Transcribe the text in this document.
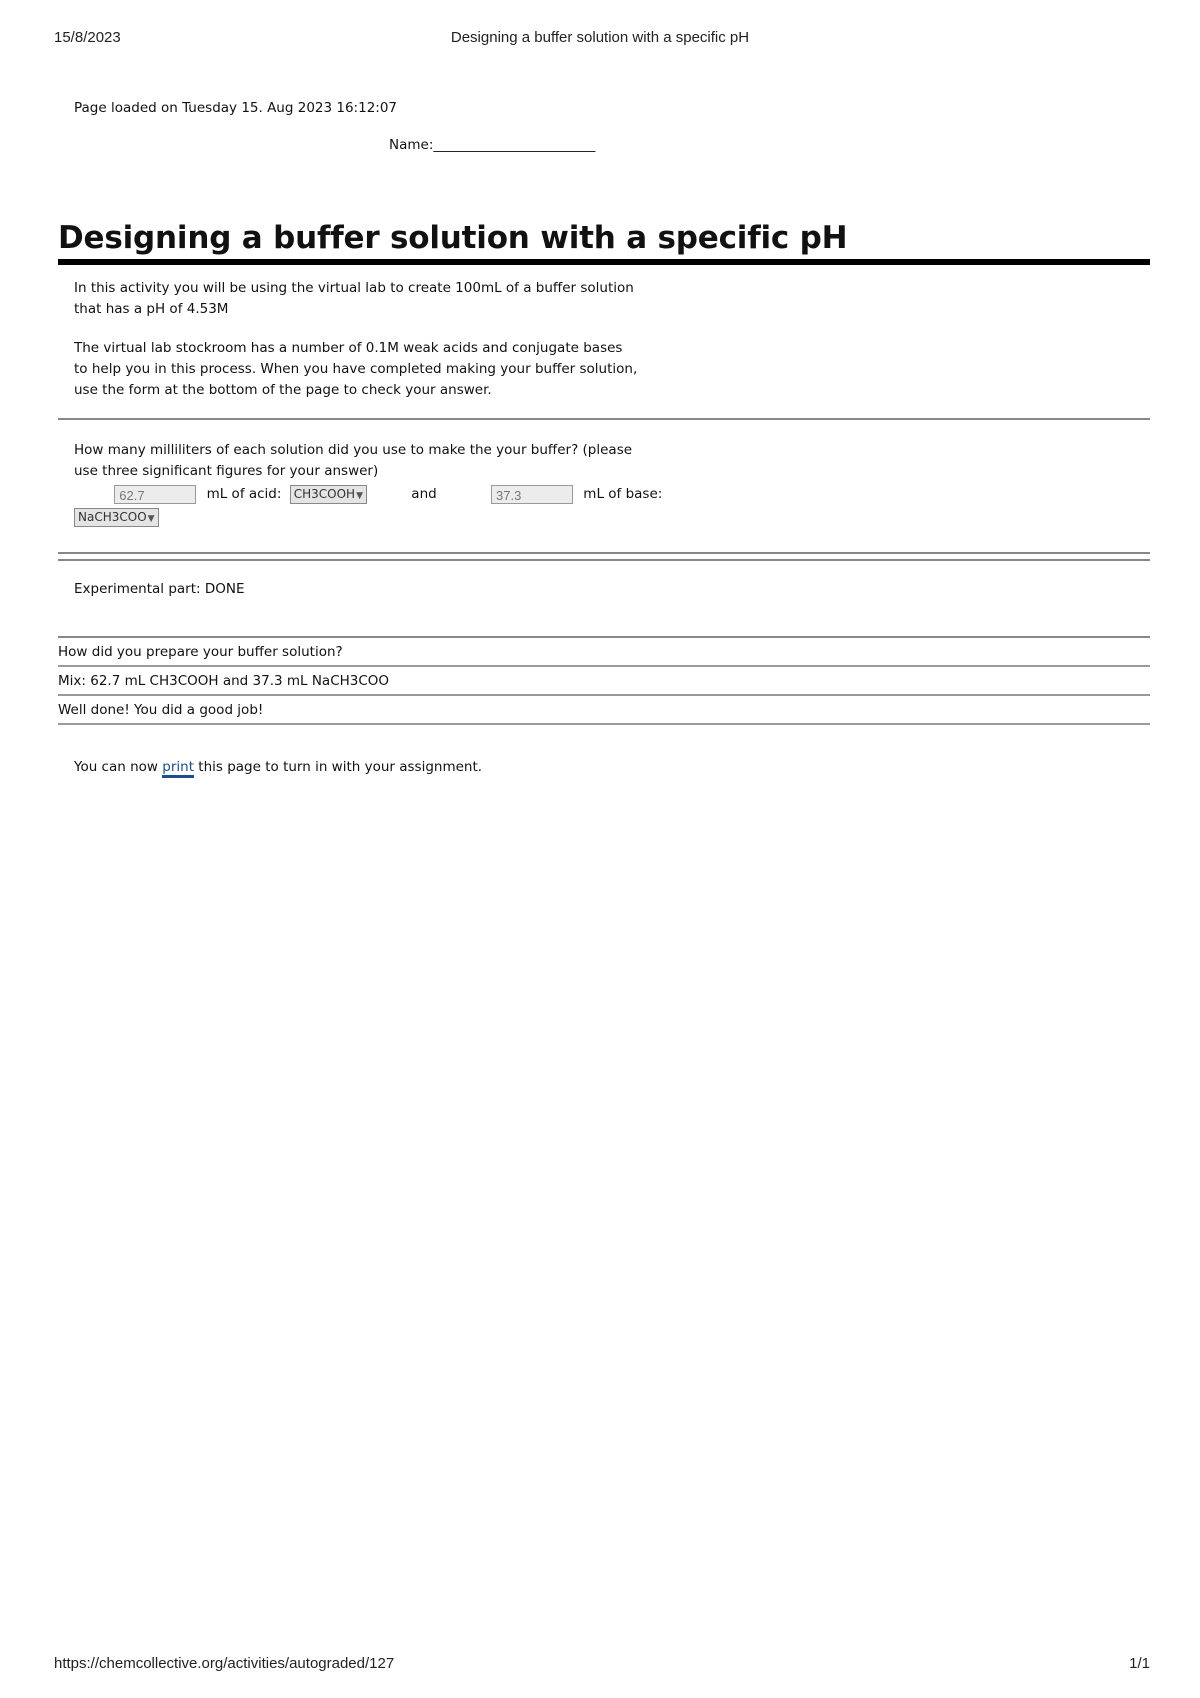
15/8/2023	Designing a buffer solution with a specific pH
Page loaded on Tuesday 15. Aug 2023 16:12:07
Name:________________________
Designing a buffer solution with a specific pH

In this activity you will be using the virtual lab to create 100mL of a buffer solution that has a pH of 4.53M

The virtual lab stockroom has a number of 0.1M weak acids and conjugate bases to help you in this process. When you have completed making your buffer solution, use the form at the bottom of the page to check your answer.

How many milliliters of each solution did you use to make the your buffer? (please use three significant figures for your answer)

62.7	mL of acid: CH3COOH▼	and	37.3	mL of base:
NaCH3COO▼
Experimental part: DONE
How did you prepare your buffer solution?
Mix: 62.7 mL CH3COOH and 37.3 mL NaCH3COO
Well done! You did a good job!
You can now print this page to turn in with your assignment.
https://chemcollective.org/activities/autograded/127	1/1
